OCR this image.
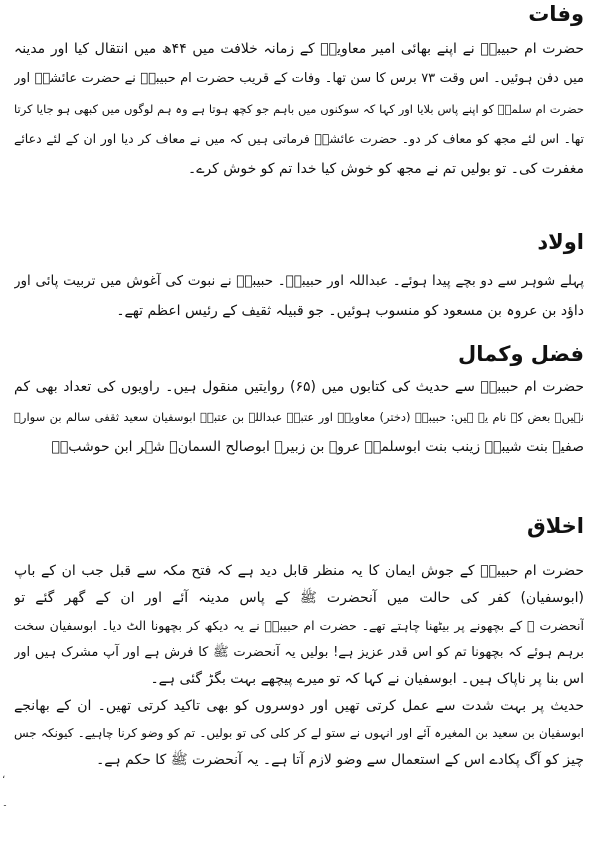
وفات
حضرت ام حبیبہؓ نے اپنے بھائی امیر معاویہؓ کے زمانہ خلافت میں ۴۴ھ میں انتقال کیا اور مدینہ
میں دفن ہوئیں۔ اس وقت ۷۳ برس کا سن تھا۔ وفات کے قریب حضرت ام حبیبہؓ نے حضرت عائشہؓ اور
حضرت ام سلمہؓ کو اپنے پاس بلایا اور کہا کہ سوکنوں میں باہم جو کچھ ہوتا ہے وہ ہم لوگوں میں کبھی ہو جایا کرتا
تھا۔ اس لئے مجھ کو معاف کر دو۔ حضرت عائشہؓ فرماتی ہیں کہ میں نے معاف کر دیا اور ان کے لئے دعائے
مغفرت کی۔ تو بولیں تم نے مجھ کو خوش کیا خدا تم کو خوش کرے۔
اولاد
پہلے شوہر سے دو بچے پیدا ہوئے۔ عبداللہ اور حبیبہؓ۔ حبیبہؓ نے نبوت کی آغوش میں تربیت پائی اور
داؤد بن عروہ بن مسعود کو منسوب ہوئیں۔ جو قبیلہ ثقیف کے رئیس اعظم تھے۔
فضل وکمال
حضرت ام حبیبہؓ سے حدیث کی کتابوں میں (۶۵) روایتیں منقول ہیں۔ راویوں کی تعداد بھی کم
نہیں۔ بعض کے نام یہ ہیں: حبیبہؓ (دختر) معاویہؓ اور عتبہؓ عبداللہ بن عتبہؓ ابوسفیان سعید ثقفی سالم بن سوارؓ
صفیہ بنت شیبہؓ زینب بنت ابوسلمہؓ عروہ بن زبیرؓ ابوصالح السمانؓ شہر ابن حوشبؓ۔
اخلاق
حضرت ام حبیبہؓ کے جوش ایمان کا یہ منظر قابل دید ہے کہ فتح مکہ سے قبل جب ان کے باپ
(ابوسفیان) کفر کی حالت میں آنحضرت ﷺ کے پاس مدینہ آئے اور ان کے گھر گئے تو
آنحضرت ﷺ کے بچھونے پر بیٹھنا چاہتے تھے۔ حضرت ام حبیبہؓ نے یہ دیکھ کر بچھونا الٹ دیا۔ ابوسفیان سخت
برہم ہوئے کہ بچھونا تم کو اس قدر عزیز ہے! بولیں یہ آنحضرت ﷺ کا فرش ہے اور آپ مشرک ہیں اور
اس بنا پر ناپاک ہیں۔ ابوسفیان نے کہا کہ تو میرے پیچھے بہت بگڑ گئی ہے۔
حدیث پر بہت شدت سے عمل کرتی تھیں اور دوسروں کو بھی تاکید کرتی تھیں۔ ان کے بھانجے
ابوسفیان بن سعید بن المغیرہ آئے اور انہوں نے ستو لے کر کلی کی تو بولیں۔ تم کو وضو کرنا چاہیے۔ کیونکہ جس
چیز کو آگ پکادے اس کے استعمال سے وضو لازم آتا ہے۔ یہ آنحضرت ﷺ کا حکم ہے۔
،
۔
